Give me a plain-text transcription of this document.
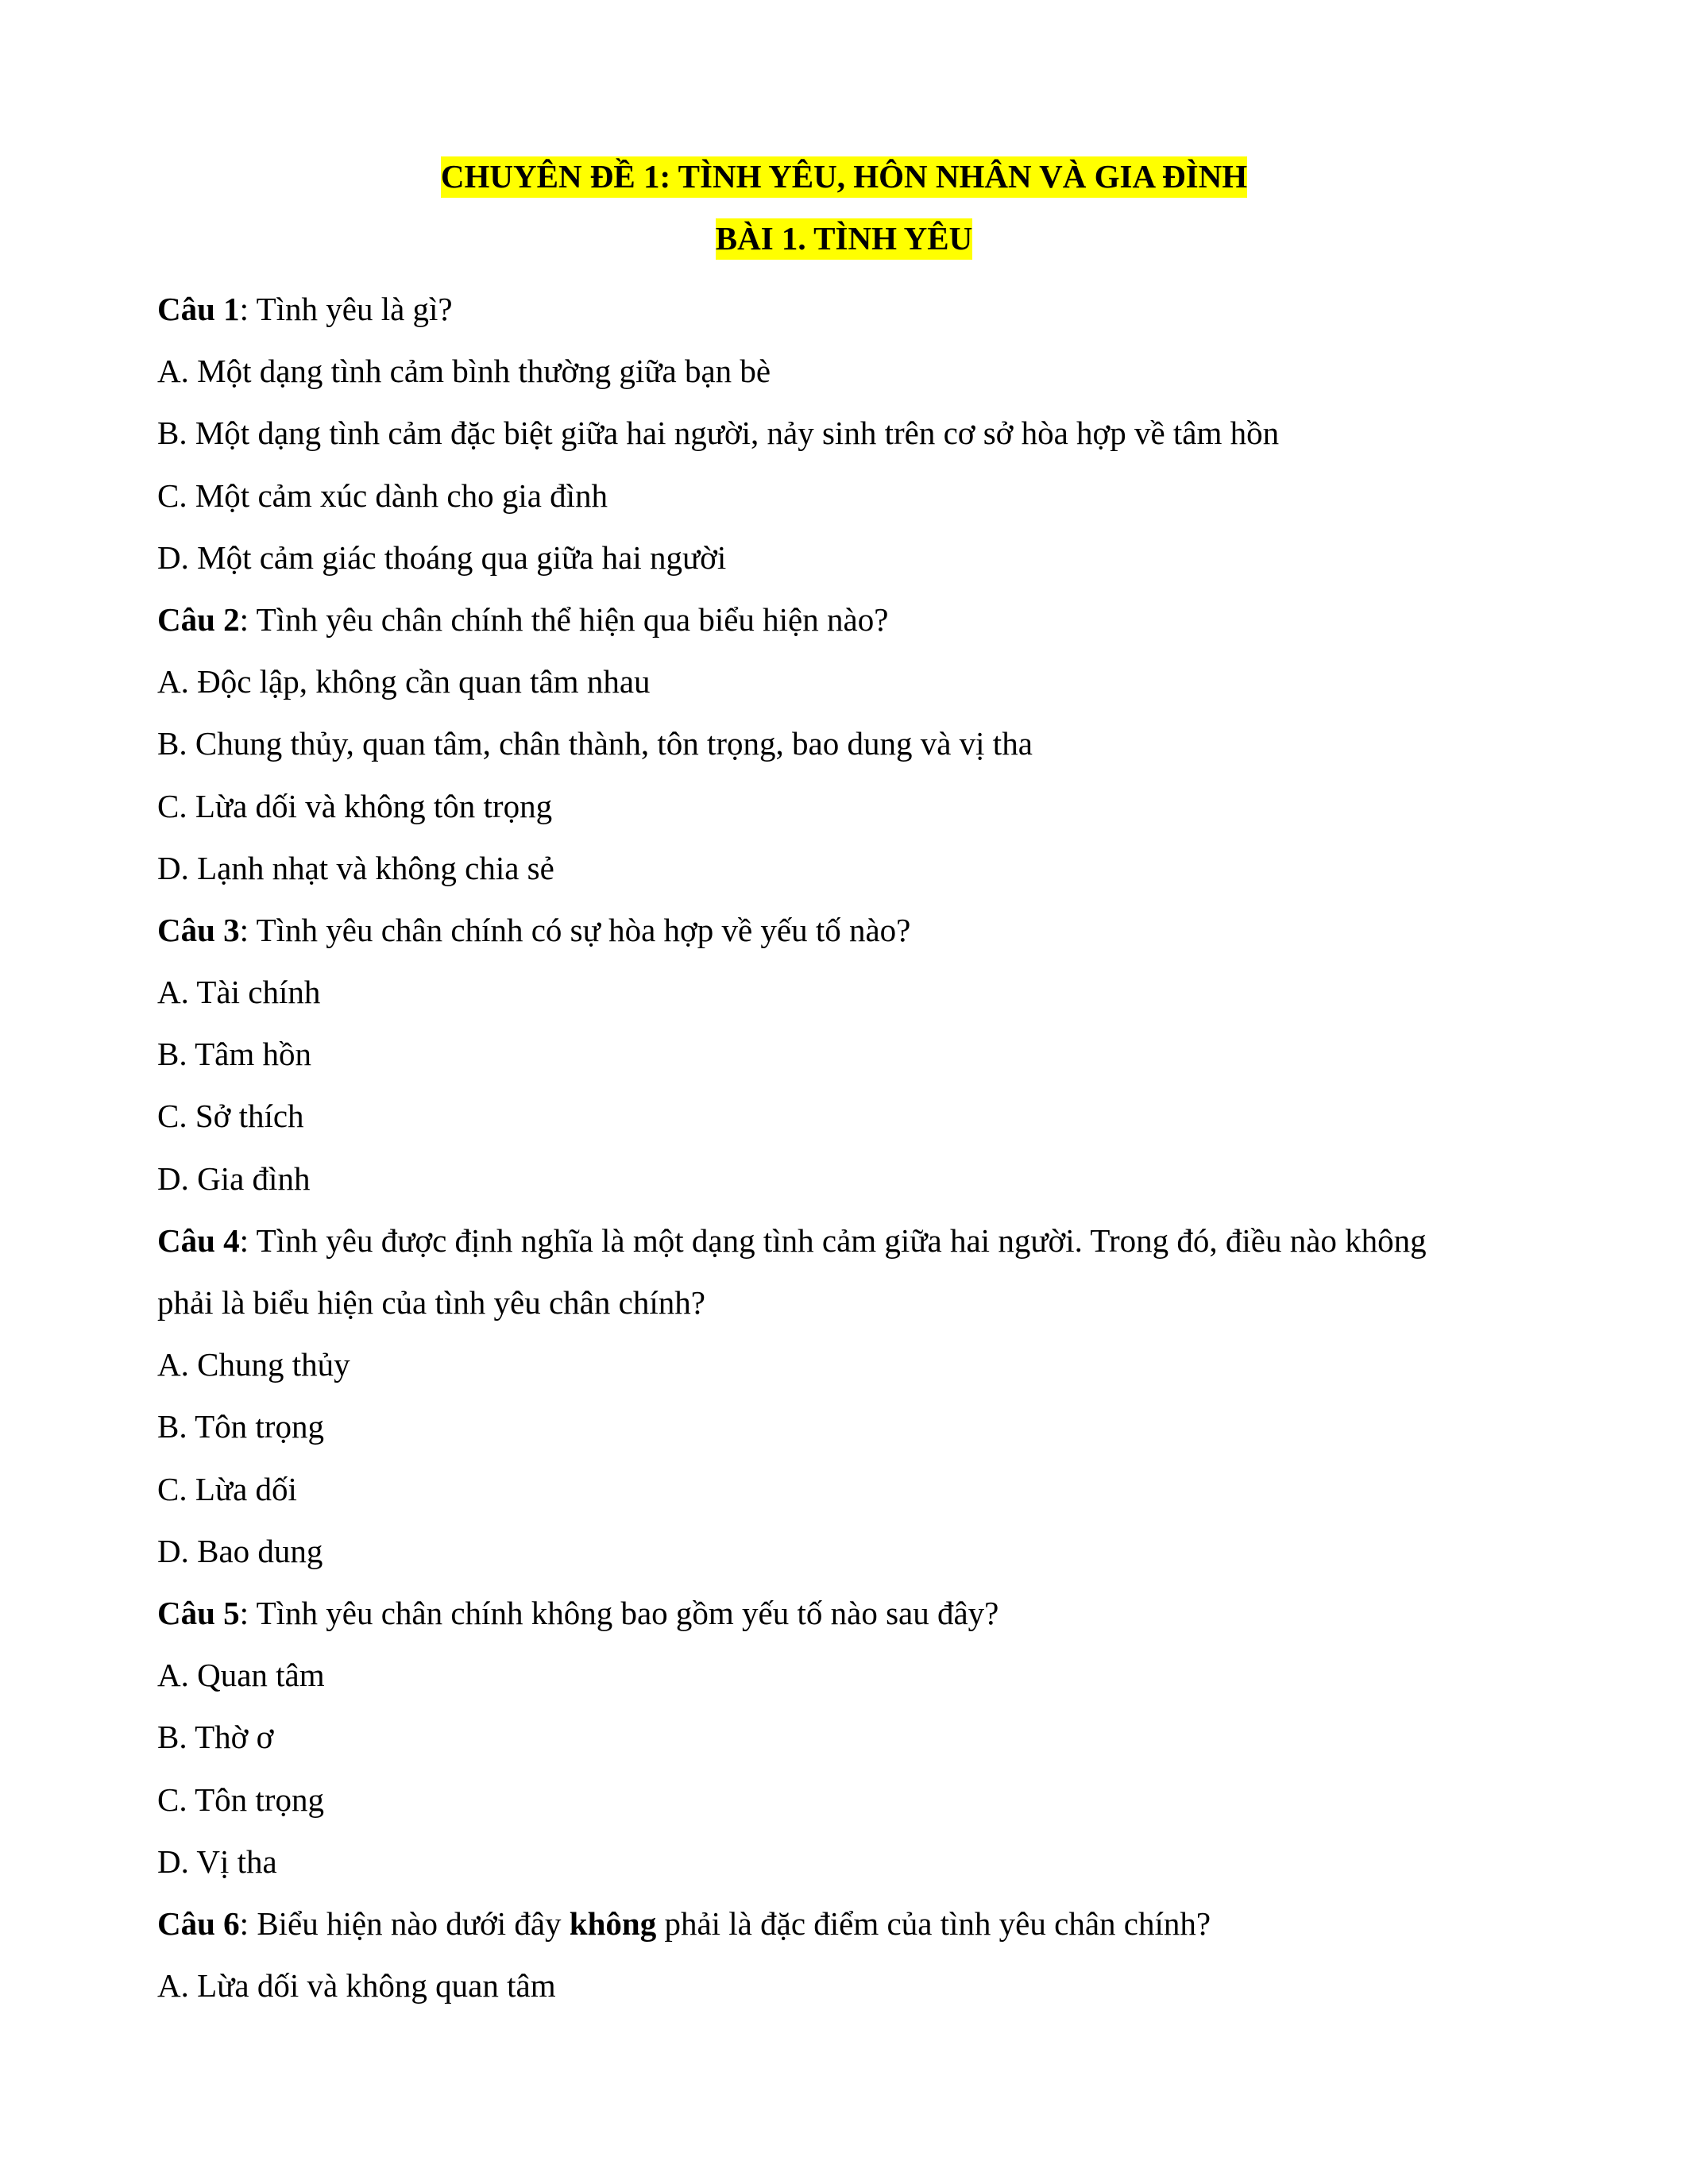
CHUYÊN ĐỀ 1: TÌNH YÊU, HÔN NHÂN VÀ GIA ĐÌNH
BÀI 1. TÌNH YÊU
Câu 1: Tình yêu là gì?
A. Một dạng tình cảm bình thường giữa bạn bè
B. Một dạng tình cảm đặc biệt giữa hai người, nảy sinh trên cơ sở hòa hợp về tâm hồn
C. Một cảm xúc dành cho gia đình
D. Một cảm giác thoáng qua giữa hai người
Câu 2: Tình yêu chân chính thể hiện qua biểu hiện nào?
A. Độc lập, không cần quan tâm nhau
B. Chung thủy, quan tâm, chân thành, tôn trọng, bao dung và vị tha
C. Lừa dối và không tôn trọng
D. Lạnh nhạt và không chia sẻ
Câu 3: Tình yêu chân chính có sự hòa hợp về yếu tố nào?
A. Tài chính
B. Tâm hồn
C. Sở thích
D. Gia đình
Câu 4: Tình yêu được định nghĩa là một dạng tình cảm giữa hai người. Trong đó, điều nào không
phải là biểu hiện của tình yêu chân chính?
A. Chung thủy
B. Tôn trọng
C. Lừa dối
D. Bao dung
Câu 5: Tình yêu chân chính không bao gồm yếu tố nào sau đây?
A. Quan tâm
B. Thờ ơ
C. Tôn trọng
D. Vị tha
Câu 6: Biểu hiện nào dưới đây không phải là đặc điểm của tình yêu chân chính?
A. Lừa dối và không quan tâm
